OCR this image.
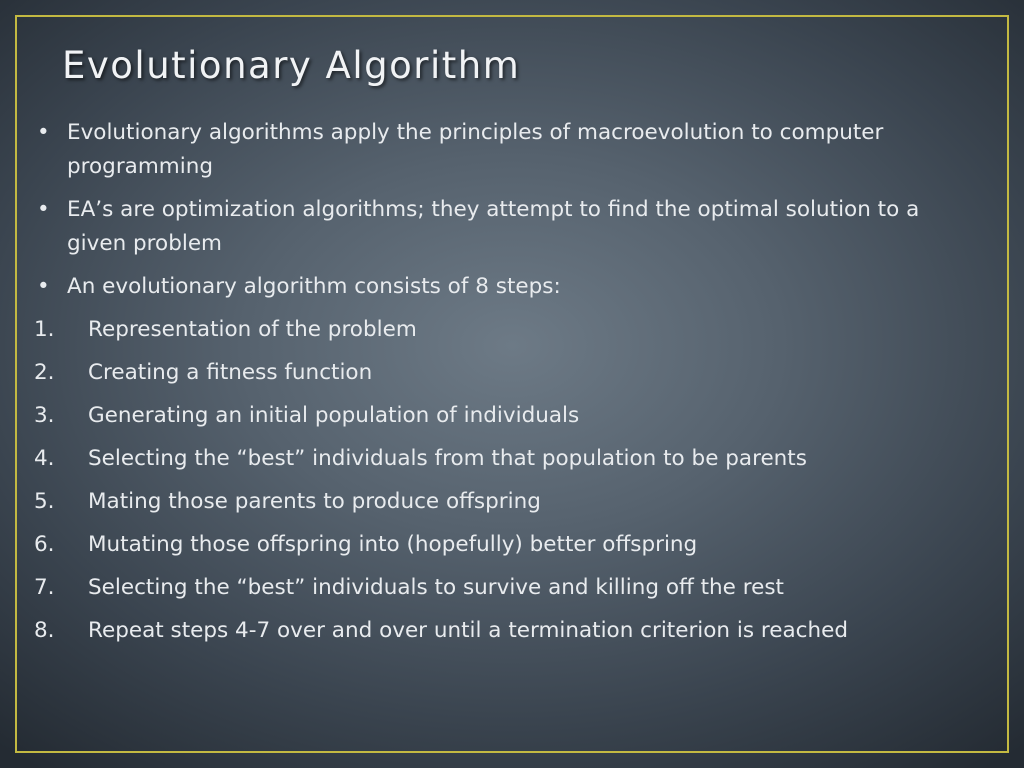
Evolutionary Algorithm
• Evolutionary algorithms apply the principles of macroevolution to computer programming
• EA’s are optimization algorithms; they attempt to find the optimal solution to a given problem
• An evolutionary algorithm consists of 8 steps:
1.	Representation of the problem
2.	Creating a fitness function
3.	Generating an initial population of individuals
4.	Selecting the “best” individuals from that population to be parents
5.	Mating those parents to produce offspring
6.	Mutating those offspring into (hopefully) better offspring
7.	Selecting the “best” individuals to survive and killing off the rest
8.	Repeat steps 4-7 over and over until a termination criterion is reached
